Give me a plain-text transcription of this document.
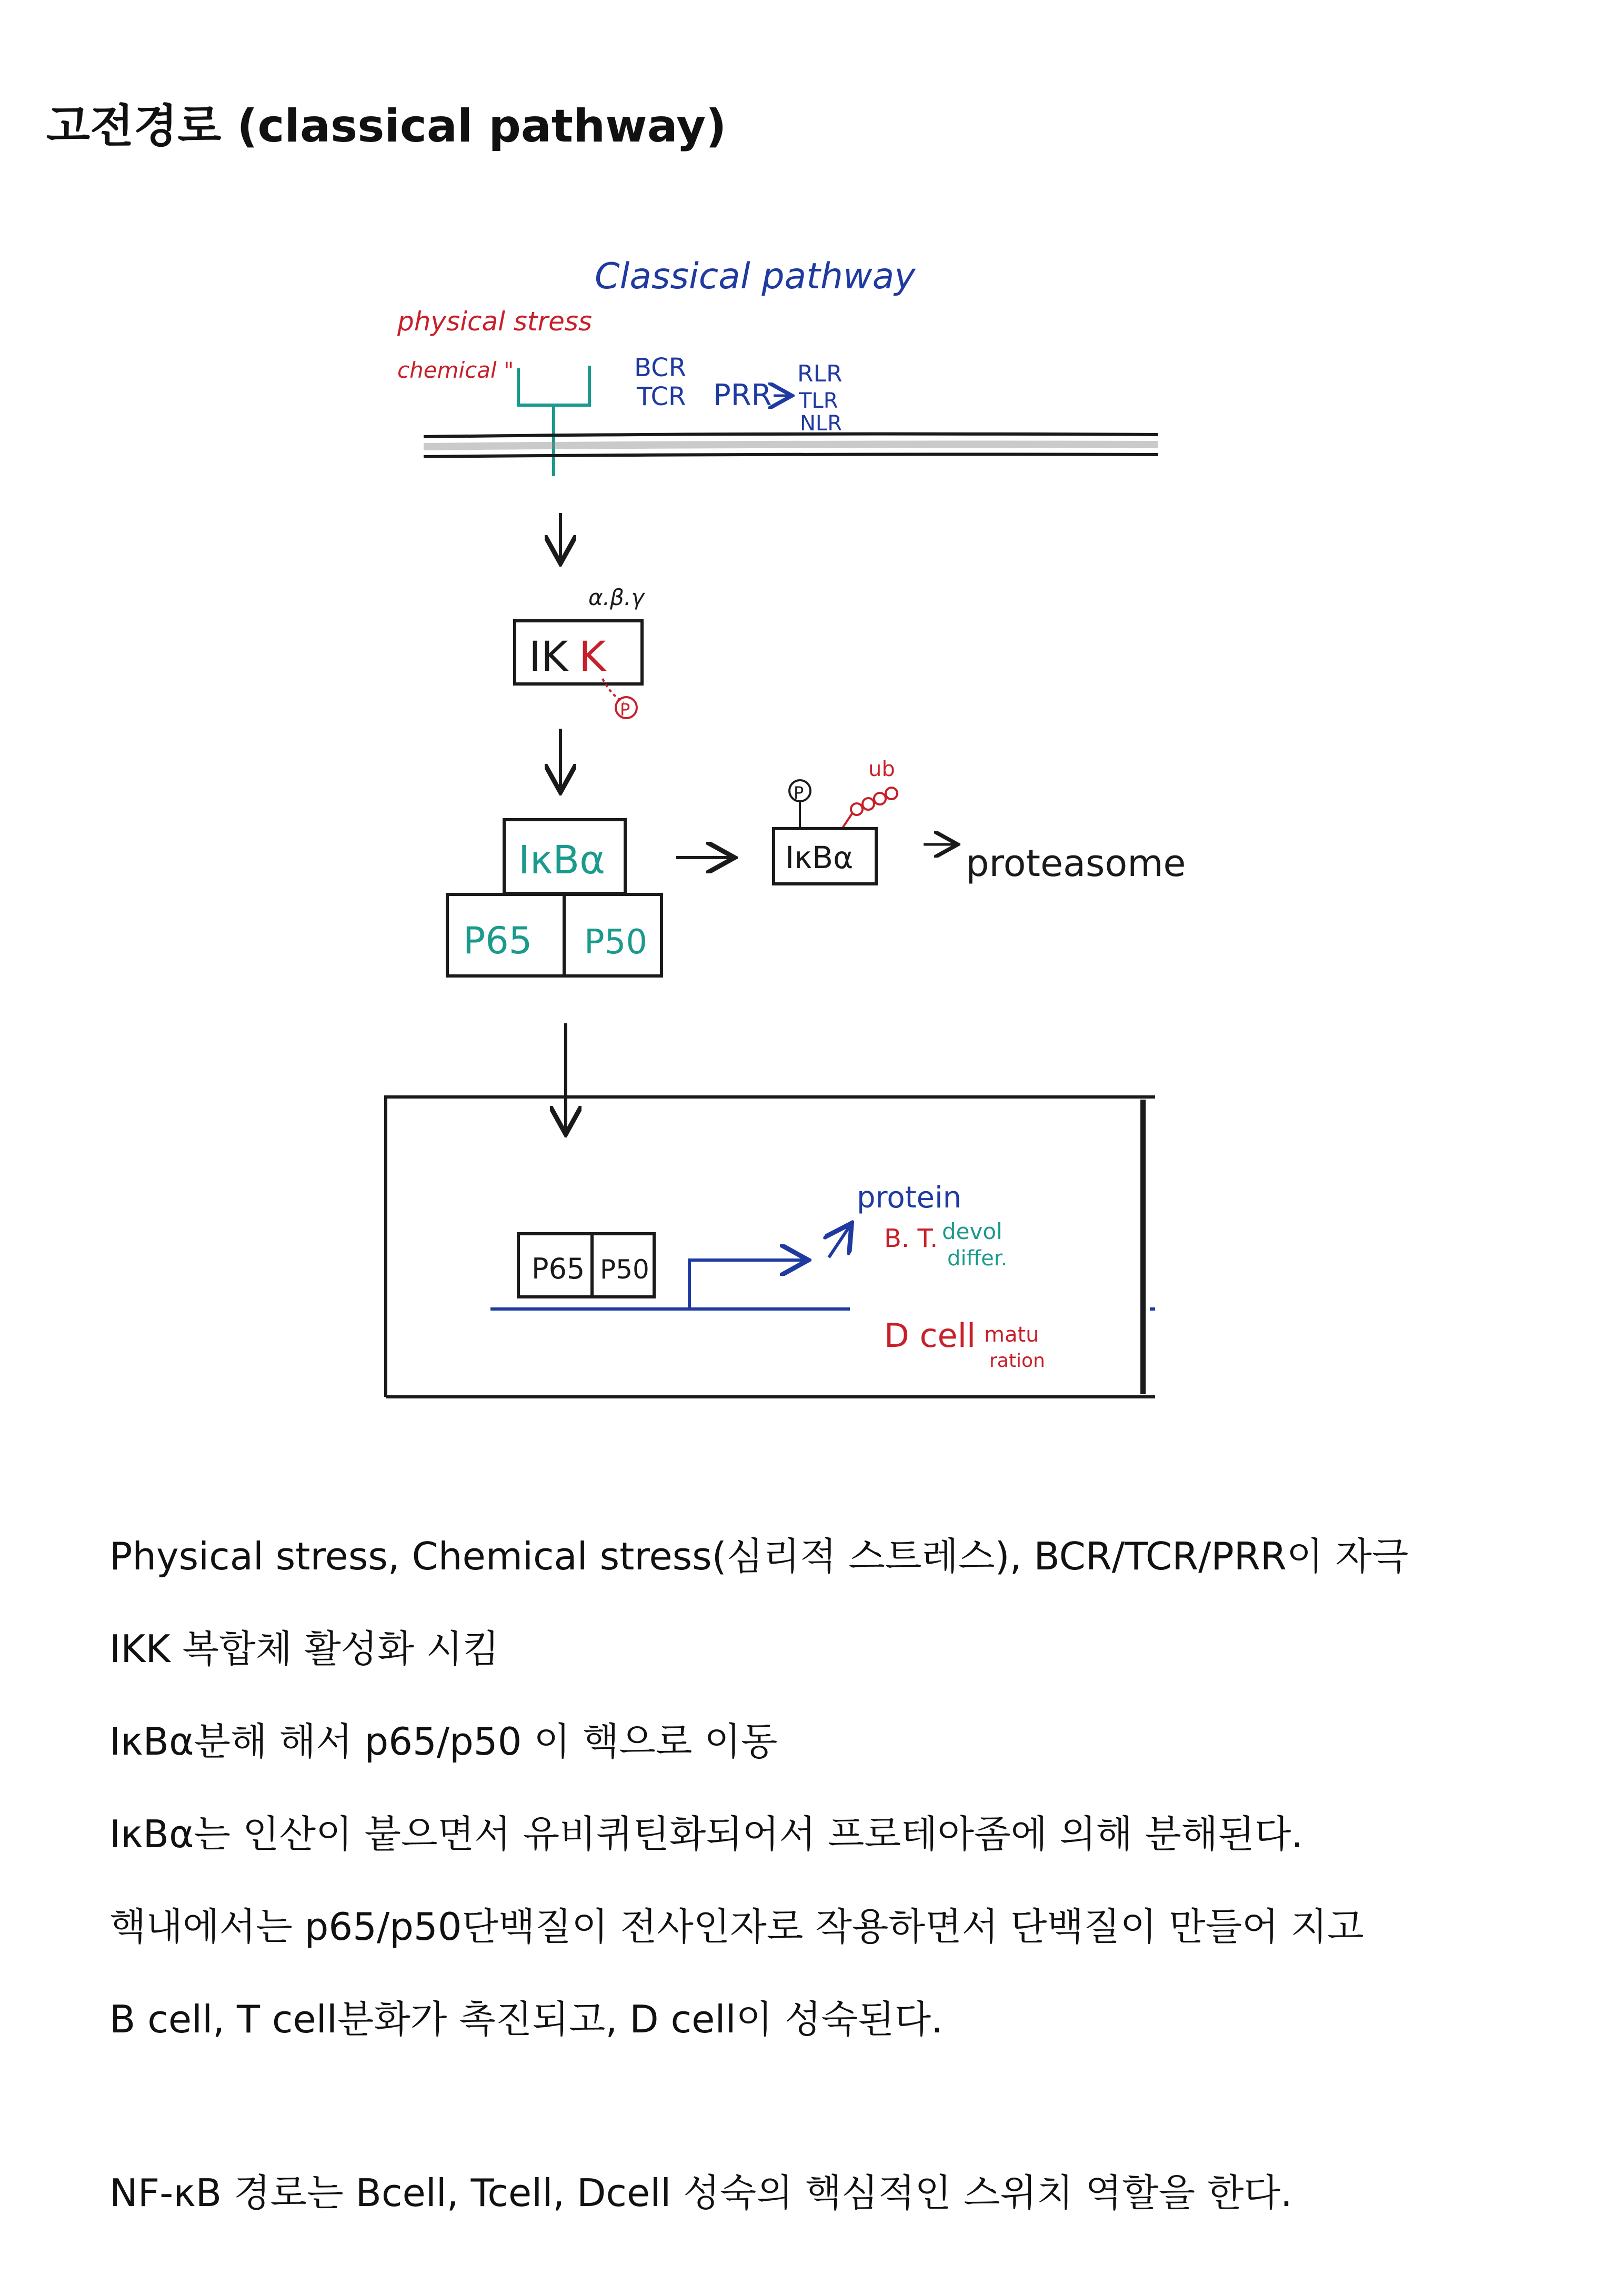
고전경로 (classical pathway)
Classical pathway
physical stress
chemical "	BCR
TCR PRR
RLR
TLR
NLR
α.β.γ
IK K
P
IκBα
P65 P50
P
ub
IκBα	proteasome
P65 P50
protein
B. T. devol
differ.
D cell matu
ration

Physical stress, Chemical stress(심리적 스트레스), BCR/TCR/PRR이 자극

IKK 복합체 활성화 시킴

IκBα분해 해서 p65/p50 이 핵으로 이동

IκBα는 인산이 붙으면서 유비퀴틴화되어서 프로테아좀에 의해 분해된다.

핵내에서는 p65/p50단백질이 전사인자로 작용하면서 단백질이 만들어 지고

B cell, T cell분화가 촉진되고, D cell이 성숙된다.

NF-κB 경로는 Bcell, Tcell, Dcell 성숙의 핵심적인 스위치 역할을 한다.
